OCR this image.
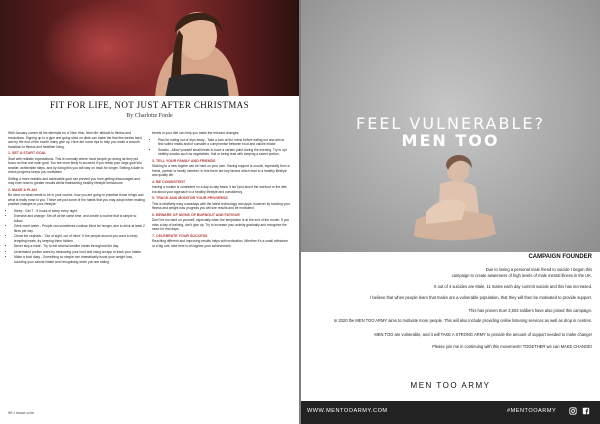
FIT FOR LIFE, NOT JUST AFTER CHRISTMAS
By Charlotte Forde

With January comes all the attempts for a 'New Year, New Me' attitude to fitness and resolutions. Signing up to a gym and going strict on diets can make the first few weeks hard, and by the end of the month many give up. Here are some tips to help you make a smooth transition to fitness and healthier living.

1. SET A START GOAL

Start with realistic expectations. This is normally where most people go wrong as they put focus on that one main goal. You are more likely to succeed if you break your large goal into smaller, achievable steps, and by doing this you will stay on track for longer. Setting a date to check progress keeps you motivated.

Setting a more realistic and achievable goal can prevent you from getting discouraged and may even lead to greater results whilst maintaining healthy lifestyle behaviours.

2. MAKE A PLAN

Be clear on what needs to be in your routine, how you are going to prioritise those things and what is really most to you. These are just some of the habits that you may adopt when making positive changes to your lifestyle:

• Sleep - Get 7 - 9 hours of sleep every night.
• Exercise and change: Set off at the same time, and create a routine that is simple to follow.
• Drink more water - People can sometimes confuse thirst for hunger, aim to drink at least 2 litres per day.
• Cheat the cephalic - 'Out of sight, out of mind'. If the people around you want to keep tempting treats, try keeping them hidden.
• Never skip a meal - Try to eat several smaller meals throughout the day.
• Understand portion sizes by measuring your food and using an app to track your intake.
• Make a food diary - Something so simple can dramatically boost your weight loss, counting your calorie intake and recognising when you are eating.

trends in your diet can help you make the relevant changes.

• Plan for eating out or trips away - Take a look at the menu before eating out and aim to find suited meals and/or consider a compromise between food and calorie intake.
• Snacks - Allow yourself small treats to have a certain point during the evening. Try to opt healthy snacks such as vegetables, fruit or being lead with keeping a sweet portion.
3. TELL YOUR FAMILY AND FRIENDS

Sticking to a new regime can be hard on your own. Having support is crucial, especially from a friend, partner or family member. In this there are key factors which lead to a healthy lifestyle and quality life.

4. BE CONSISTENT

Having a routine is consistent on a day-to-day basis; it isn't just about the workout or the diet, but about your approach to a healthy lifestyle and consistency.

5. TRACK AND MONITOR YOUR PROGRESS

This is relatively easy nowadays with the latest technology and apps, however by tracking your fitness and weight loss progress you will see results and be motivated.

6. BEWARE OF SIGNS OF BURNOUT AND FATIGUE

Don't be too hard on yourself, especially when the temptation is at the end of the month. If you miss a day of training, don't give up. Try to increase your activity gradually and recognise the need for rest days.

7. CELEBRATE YOUR SUCCESS

Reaching different and improving results helps with motivation. Whether it's a small milestone or a big one, take time to recognise your achievement.

96 • issue.com
FEEL VULNERABLE?
MEN TOO
CAMPAIGN FOUNDER
Due to losing a personal male friend to suicide I began this
campaign to create awareness of high levels of male mental illness in the UK.
It out of 4 suicides are Male, 11 males each day commit suicide and this has increased.
I believe that when people learn that males are a vulnerable population, that they will then be motivated to provide support.
This has proven true! 2,503 soldiers have also joined this campaign.
In 2020 the MEN TOO ARMY aims to motivate more people. This will also include providing online listening services as well as drop in centres.
MEN TOO are vulnerable, and it will TAKE A STRONG ARMY to provide the amount of support needed to make change!
Please join me in continuing with this movement!! TOGETHER we can MAKE CHANGE!
MEN TOO ARMY
WWW.MENTOOARMY.COM	#MENTOOARMY
